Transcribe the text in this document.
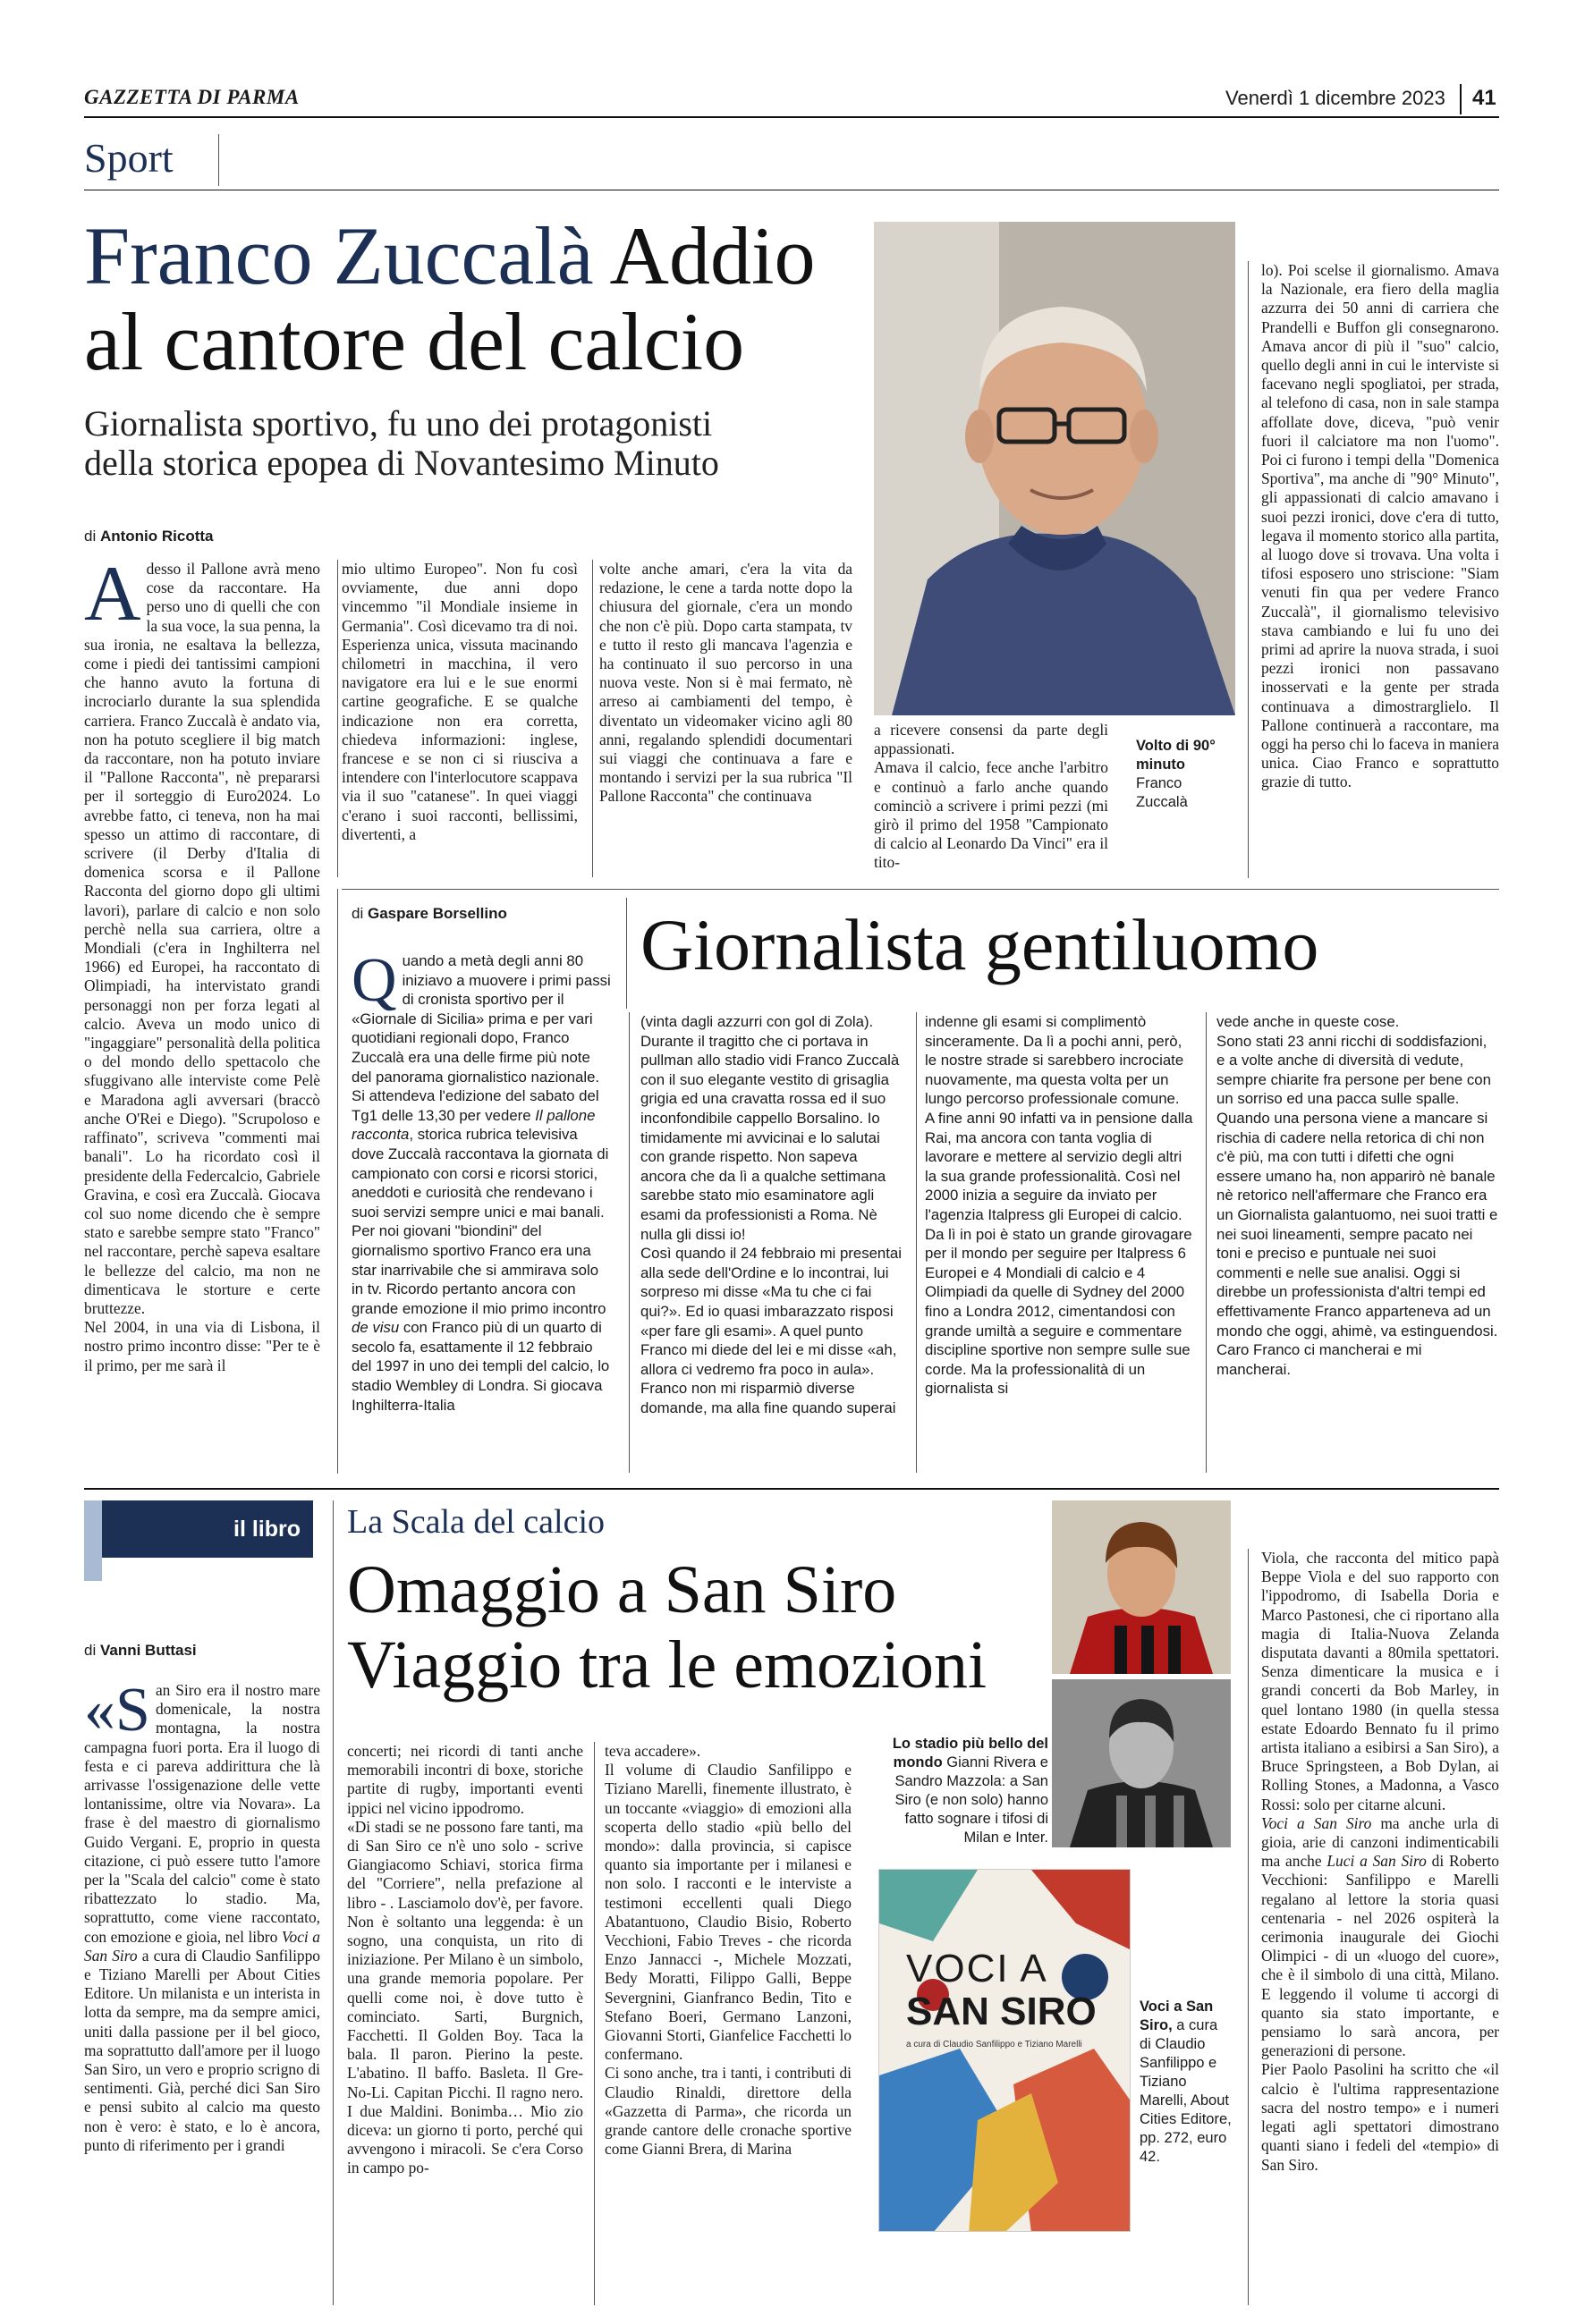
GAZZETTA DI PARMA	Venerdì 1 dicembre 2023 41
Sport
Franco Zuccalà Addio
al cantore del calcio
Giornalista sportivo, fu uno dei protagonisti
della storica epopea di Novantesimo Minuto
di Antonio Ricotta
A desso il Pallone avrà meno cose da raccontare. Ha perso uno di quelli che con la sua voce, la sua penna, la sua ironia, ne esaltava la bellezza, come i piedi dei tantissimi campioni che hanno avuto la fortuna di incrociarlo durante la sua splendida carriera. Franco Zuccalà è andato via, non ha potuto scegliere il big match da raccontare, non ha potuto inviare il "Pallone Racconta", nè prepararsi per il sorteggio di Euro2024. Lo avrebbe fatto, ci teneva, non ha mai spesso un attimo di raccontare, di scrivere (il Derby d'Italia di domenica scorsa e il Pallone Racconta del giorno dopo gli ultimi lavori), parlare di calcio e non solo perchè nella sua carriera, oltre a Mondiali (c'era in Inghilterra nel 1966) ed Europei, ha raccontato di Olimpiadi, ha intervistato grandi personaggi non per forza legati al calcio. Aveva un modo unico di "ingaggiare" personalità della politica o del mondo dello spettacolo che sfuggivano alle interviste come Pelè e Maradona agli avversari (braccò anche O'Rei e Diego). "Scrupoloso e raffinato", scriveva "commenti mai banali". Lo ha ricordato così il presidente della Federcalcio, Gabriele Gravina, e così era Zuccalà. Giocava col suo nome dicendo che è sempre stato e sarebbe sempre stato "Franco" nel raccontare, perchè sapeva esaltare le bellezze del calcio, ma non ne dimenticava le storture e certe bruttezze.

Nel 2004, in una via di Lisbona, il nostro primo incontro disse: "Per te è il primo, per me sarà il

mio ultimo Europeo". Non fu così ovviamente, due anni dopo vincemmo "il Mondiale insieme in Germania". Così dicevamo tra di noi. Esperienza unica, vissuta macinando chilometri in macchina, il vero navigatore era lui e le sue enormi cartine geografiche. E se qualche indicazione non era corretta, chiedeva informazioni: inglese, francese e se non ci si riusciva a intendere con l'interlocutore scappava via il suo "catanese". In quei viaggi c'erano i suoi racconti, bellissimi, divertenti, a

volte anche amari, c'era la vita da redazione, le cene a tarda notte dopo la chiusura del giornale, c'era un mondo che non c'è più. Dopo carta stampata, tv e tutto il resto gli mancava l'agenzia e ha continuato il suo percorso in una nuova veste. Non si è mai fermato, nè arreso ai cambiamenti del tempo, è diventato un videomaker vicino agli 80 anni, regalando splendidi documentari sui viaggi che continuava a fare e montando i servizi per la sua rubrica "Il Pallone Racconta" che continuava

a ricevere consensi da parte degli appassionati.

Amava il calcio, fece anche l'arbitro e continuò a farlo anche quando cominciò a scrivere i primi pezzi (mi girò il primo del 1958 "Campionato di calcio al Leonardo Da Vinci" era il tito-

Volto di 90° minuto
Franco Zuccalà

lo). Poi scelse il giornalismo. Amava la Nazionale, era fiero della maglia azzurra dei 50 anni di carriera che Prandelli e Buffon gli consegnarono. Amava ancor di più il "suo" calcio, quello degli anni in cui le interviste si facevano negli spogliatoi, per strada, al telefono di casa, non in sale stampa affollate dove, diceva, "può venir fuori il calciatore ma non l'uomo". Poi ci furono i tempi della "Domenica Sportiva", ma anche di "90° Minuto", gli appassionati di calcio amavano i suoi pezzi ironici, dove c'era di tutto, legava il momento storico alla partita, al luogo dove si trovava. Una volta i tifosi esposero uno striscione: "Siam venuti fin qua per vedere Franco Zuccalà", il giornalismo televisivo stava cambiando e lui fu uno dei primi ad aprire la nuova strada, i suoi pezzi ironici non passavano inosservati e la gente per strada continuava a dimostrarglielo. Il Pallone continuerà a raccontare, ma oggi ha perso chi lo faceva in maniera unica. Ciao Franco e soprattutto grazie di tutto.

di Gaspare Borsellino Giornalista gentiluomo
Q uando a metà degli anni 80 iniziavo a muovere i primi passi di cronista sportivo per il «Giornale di Sicilia» prima e per vari quotidiani regionali dopo, Franco Zuccalà era una delle firme più note del panorama giornalistico nazionale. Si attendeva l'edizione del sabato del Tg1 delle 13,30 per vedere Il pallone racconta, storica rubrica televisiva dove Zuccalà raccontava la giornata di campionato con corsi e ricorsi storici, aneddoti e curiosità che rendevano i suoi servizi sempre unici e mai banali. Per noi giovani "biondini" del giornalismo sportivo Franco era una star inarrivabile che si ammirava solo in tv. Ricordo pertanto ancora con grande emozione il mio primo incontro de visu con Franco più di un quarto di secolo fa, esattamente il 12 febbraio del 1997 in uno dei templi del calcio, lo stadio Wembley di Londra. Si giocava Inghilterra-Italia

(vinta dagli azzurri con gol di Zola). Durante il tragitto che ci portava in pullman allo stadio vidi Franco Zuccalà con il suo elegante vestito di grisaglia grigia ed una cravatta rossa ed il suo inconfondibile cappello Borsalino. Io timidamente mi avvicinai e lo salutai con grande rispetto. Non sapeva ancora che da lì a qualche settimana sarebbe stato mio esaminatore agli esami da professionisti a Roma. Nè nulla gli dissi io!

Così quando il 24 febbraio mi presentai alla sede dell'Ordine e lo incontrai, lui sorpreso mi disse «Ma tu che ci fai qui?». Ed io quasi imbarazzato risposi «per fare gli esami». A quel punto Franco mi diede del lei e mi disse «ah, allora ci vedremo fra poco in aula». Franco non mi risparmiò diverse domande, ma alla fine quando superai

indenne gli esami si complimentò sinceramente. Da lì a pochi anni, però, le nostre strade si sarebbero incrociate nuovamente, ma questa volta per un lungo percorso professionale comune.

A fine anni 90 infatti va in pensione dalla Rai, ma ancora con tanta voglia di lavorare e mettere al servizio degli altri la sua grande professionalità. Così nel 2000 inizia a seguire da inviato per l'agenzia Italpress gli Europei di calcio. Da lì in poi è stato un grande girovagare per il mondo per seguire per Italpress 6 Europei e 4 Mondiali di calcio e 4 Olimpiadi da quelle di Sydney del 2000 fino a Londra 2012, cimentandosi con grande umiltà a seguire e commentare discipline sportive non sempre sulle sue corde. Ma la professionalità di un giornalista si

vede anche in queste cose.

Sono stati 23 anni ricchi di soddisfazioni, e a volte anche di diversità di vedute, sempre chiarite fra persone per bene con un sorriso ed una pacca sulle spalle. Quando una persona viene a mancare si rischia di cadere nella retorica di chi non c'è più, ma con tutti i difetti che ogni essere umano ha, non apparirò nè banale nè retorico nell'affermare che Franco era un Giornalista galantuomo, nei suoi tratti e nei suoi lineamenti, sempre pacato nei toni e preciso e puntuale nei suoi commenti e nelle sue analisi. Oggi si direbbe un professionista d'altri tempi ed effettivamente Franco apparteneva ad un mondo che oggi, ahimè, va estinguendosi.

Caro Franco ci mancherai e mi mancherai.

il libro
di Vanni Buttasi
La Scala del calcio
Omaggio a San Siro
Viaggio tra le emozioni
Lo stadio più bello del mondo Gianni Rivera e Sandro Mazzola: a San Siro (e non solo) hanno fatto sognare i tifosi di Milan e Inter.
VOCI A
SAN SIRO
a cura di Claudio Sanfilippo e Tiziano Marelli
Voci a San Siro, a cura di Claudio Sanfilippo e Tiziano Marelli, About Cities Editore, pp. 272, euro 42.
«S an Siro era il nostro mare domenicale, la nostra montagna, la nostra campagna fuori porta. Era il luogo di festa e ci pareva addirittura che là arrivasse l'ossigenazione delle vette lontanissime, oltre via Novara». La frase è del maestro di giornalismo Guido Vergani. E, proprio in questa citazione, ci può essere tutto l'amore per la "Scala del calcio" come è stato ribattezzato lo stadio. Ma, soprattutto, come viene raccontato, con emozione e gioia, nel libro Voci a San Siro a cura di Claudio Sanfilippo e Tiziano Marelli per About Cities Editore. Un milanista e un interista in lotta da sempre, ma da sempre amici, uniti dalla passione per il bel gioco, ma soprattutto dall'amore per il luogo San Siro, un vero e proprio scrigno di sentimenti. Già, perché dici San Siro e pensi subito al calcio ma questo non è vero: è stato, e lo è ancora, punto di riferimento per i grandi

concerti; nei ricordi di tanti anche memorabili incontri di boxe, storiche partite di rugby, importanti eventi ippici nel vicino ippodromo.

«Di stadi se ne possono fare tanti, ma di San Siro ce n'è uno solo - scrive Giangiacomo Schiavi, storica firma del "Corriere", nella prefazione al libro - . Lasciamolo dov'è, per favore. Non è soltanto una leggenda: è un sogno, una conquista, un rito di iniziazione. Per Milano è un simbolo, una grande memoria popolare. Per quelli come noi, è dove tutto è cominciato. Sarti, Burgnich, Facchetti. Il Golden Boy. Taca la bala. Il paron. Pierino la peste. L'abatino. Il baffo. Basleta. Il Gre-No-Li. Capitan Picchi. Il ragno nero. I due Maldini. Bonimba… Mio zio diceva: un giorno ti porto, perché qui avvengono i miracoli. Se c'era Corso in campo po-

teva accadere».

Il volume di Claudio Sanfilippo e Tiziano Marelli, finemente illustrato, è un toccante «viaggio» di emozioni alla scoperta dello stadio «più bello del mondo»: dalla provincia, si capisce quanto sia importante per i milanesi e non solo. I racconti e le interviste a testimoni eccellenti quali Diego Abatantuono, Claudio Bisio, Roberto Vecchioni, Fabio Treves - che ricorda Enzo Jannacci -, Michele Mozzati, Bedy Moratti, Filippo Galli, Beppe Severgnini, Gianfranco Bedin, Tito e Stefano Boeri, Germano Lanzoni, Giovanni Storti, Gianfelice Facchetti lo confermano.

Ci sono anche, tra i tanti, i contributi di Claudio Rinaldi, direttore della «Gazzetta di Parma», che ricorda un grande cantore delle cronache sportive come Gianni Brera, di Marina

Viola, che racconta del mitico papà Beppe Viola e del suo rapporto con l'ippodromo, di Isabella Doria e Marco Pastonesi, che ci riportano alla magia di Italia-Nuova Zelanda disputata davanti a 80mila spettatori. Senza dimenticare la musica e i grandi concerti da Bob Marley, in quel lontano 1980 (in quella stessa estate Edoardo Bennato fu il primo artista italiano a esibirsi a San Siro), a Bruce Springsteen, a Bob Dylan, ai Rolling Stones, a Madonna, a Vasco Rossi: solo per citarne alcuni.

Voci a San Siro ma anche urla di gioia, arie di canzoni indimenticabili ma anche Luci a San Siro di Roberto Vecchioni: Sanfilippo e Marelli regalano al lettore la storia quasi centenaria - nel 2026 ospiterà la cerimonia inaugurale dei Giochi Olimpici - di un «luogo del cuore», che è il simbolo di una città, Milano. E leggendo il volume ti accorgi di quanto sia stato importante, e pensiamo lo sarà ancora, per generazioni di persone.

Pier Paolo Pasolini ha scritto che «il calcio è l'ultima rappresentazione sacra del nostro tempo» e i numeri legati agli spettatori dimostrano quanti siano i fedeli del «tempio» di San Siro.
